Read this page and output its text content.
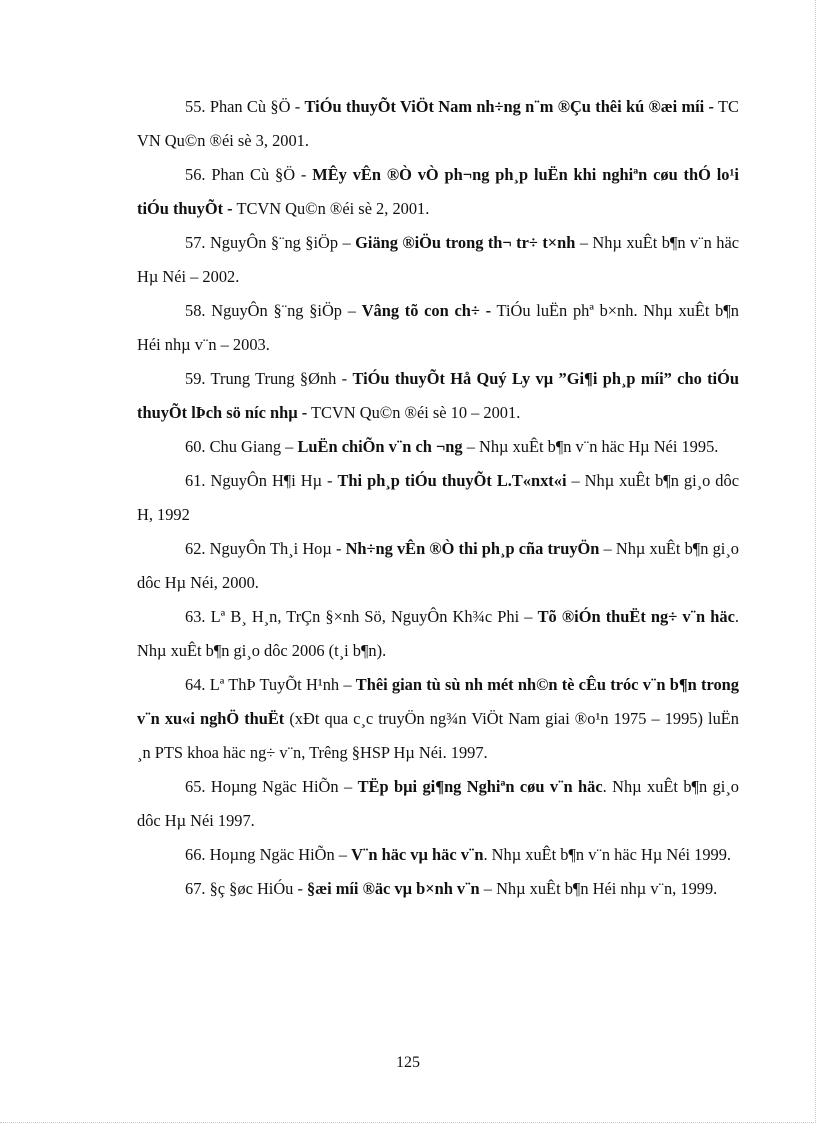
55. Phan Cù §Ö - TiÓu thuyÕt ViÖt Nam nh÷ng n¨m ®Çu thêi kú ®æi míi - TC VN Qu©n ®éi sè 3, 2001.

56. Phan Cù §Ö - MÊy vÊn ®Ò vÒ ph¬ng ph¸p luËn khi nghiªn cøu thÓ lo¹i tiÓu thuyÕt - TCVN Qu©n ®éi sè 2, 2001.

57. NguyÔn §¨ng §iÖp – Giäng ®iÖu trong th¬ tr÷ t×nh – Nhµ xuÊt b¶n v¨n häc Hµ Néi – 2002.

58. NguyÔn §¨ng §iÖp – Vâng tõ con ch÷ - TiÓu luËn phª b×nh. Nhµ xuÊt b¶n Héi nhµ v¨n – 2003.

59. Trung Trung §Ønh - TiÓu thuyÕt Hå Quý Ly vµ ”Gi¶i ph¸p míi” cho tiÓu thuyÕt lÞch sö níc nhµ - TCVN Qu©n ®éi sè 10 – 2001.

60. Chu Giang – LuËn chiÕn v¨n ch ¬ng – Nhµ xuÊt b¶n v¨n häc Hµ Néi 1995.

61. NguyÔn H¶i Hµ - Thi ph¸p tiÓu thuyÕt L.T«nxt«i – Nhµ xuÊt b¶n gi¸o dôc H, 1992

62. NguyÔn Th¸i Hoµ - Nh÷ng vÊn ®Ò thi ph¸p cña truyÖn – Nhµ xuÊt b¶n gi¸o dôc Hµ Néi, 2000.

63. Lª B¸ H¸n, TrÇn §×nh Sö, NguyÔn Kh¾c Phi – Tõ ®iÓn thuËt ng÷ v¨n häc. Nhµ xuÊt b¶n gi¸o dôc 2006 (t¸i b¶n).

64. Lª ThÞ TuyÕt H¹nh – Thêi gian tù sù nh mét nh©n tè cÊu tróc v¨n b¶n trong v¨n xu«i nghÖ thuËt (xÐt qua c¸c truyÖn ng¾n ViÖt Nam giai ®o¹n 1975 – 1995) luËn ¸n PTS khoa häc ng÷ v¨n, Trêng §HSP Hµ Néi. 1997.

65. Hoµng Ngäc HiÕn – TËp bµi gi¶ng Nghiªn cøu v¨n häc. Nhµ xuÊt b¶n gi¸o dôc Hµ Néi 1997.

66. Hoµng Ngäc HiÕn – V¨n häc vµ häc v¨n. Nhµ xuÊt b¶n v¨n häc Hµ Néi 1999.

67. §ç §øc HiÓu - §æi míi ®äc vµ b×nh v¨n – Nhµ xuÊt b¶n Héi nhµ v¨n, 1999.

125
